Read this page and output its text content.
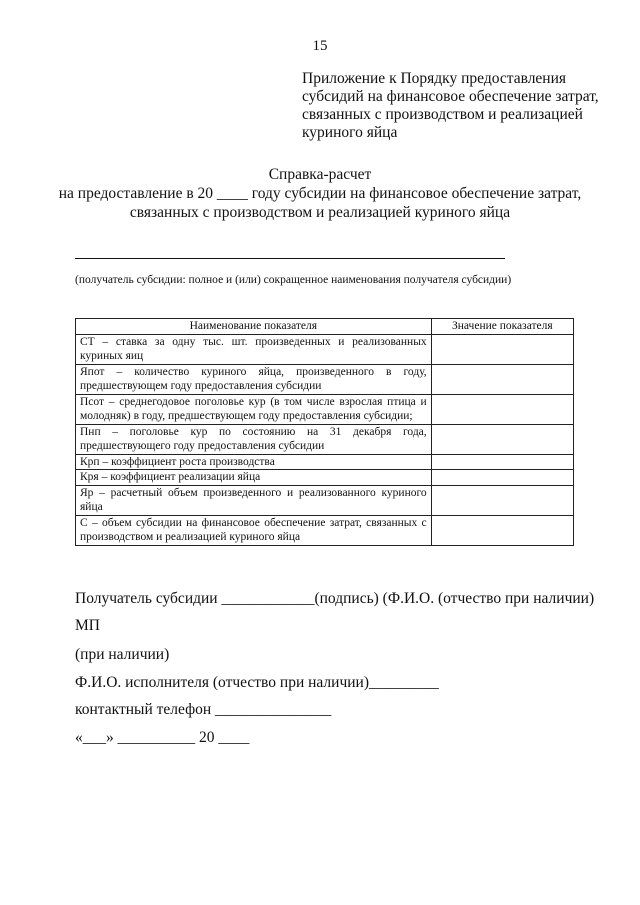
15
Приложение к Порядку предоставления
субсидий на финансовое обеспечение затрат,
связанных с производством и реализацией
куриного яйца
Справка-расчет
на предоставление в 20 ____ году субсидии на финансовое обеспечение затрат,
связанных с производством и реализацией куриного яйца
(получатель субсидии: полное и (или) сокращенное наименования получателя субсидии)
Наименование показателя	Значение показателя
СТ – ставка за одну тыс. шт. произведенных и реализованных куриных яиц	
Япот – количество куриного яйца, произведенного в году, предшествующем году предоставления субсидии	
Псот – среднегодовое поголовье кур (в том числе взрослая птица и молодняк) в году, предшествующем году предоставления субсидии;	
Пнп – поголовье кур по состоянию на 31 декабря года, предшествующего году предоставления субсидии	
Крп – коэффициент роста производства	
Кря – коэффициент реализации яйца	
Яр – расчетный объем произведенного и реализованного куриного яйца	
С – объем субсидии на финансовое обеспечение затрат, связанных с производством и реализацией куриного яйца	
Получатель субсидии ____________(подпись) (Ф.И.О. (отчество при наличии)
МП
(при наличии)
Ф.И.О. исполнителя (отчество при наличии)_________
контактный телефон _______________
«___» __________ 20 ____
